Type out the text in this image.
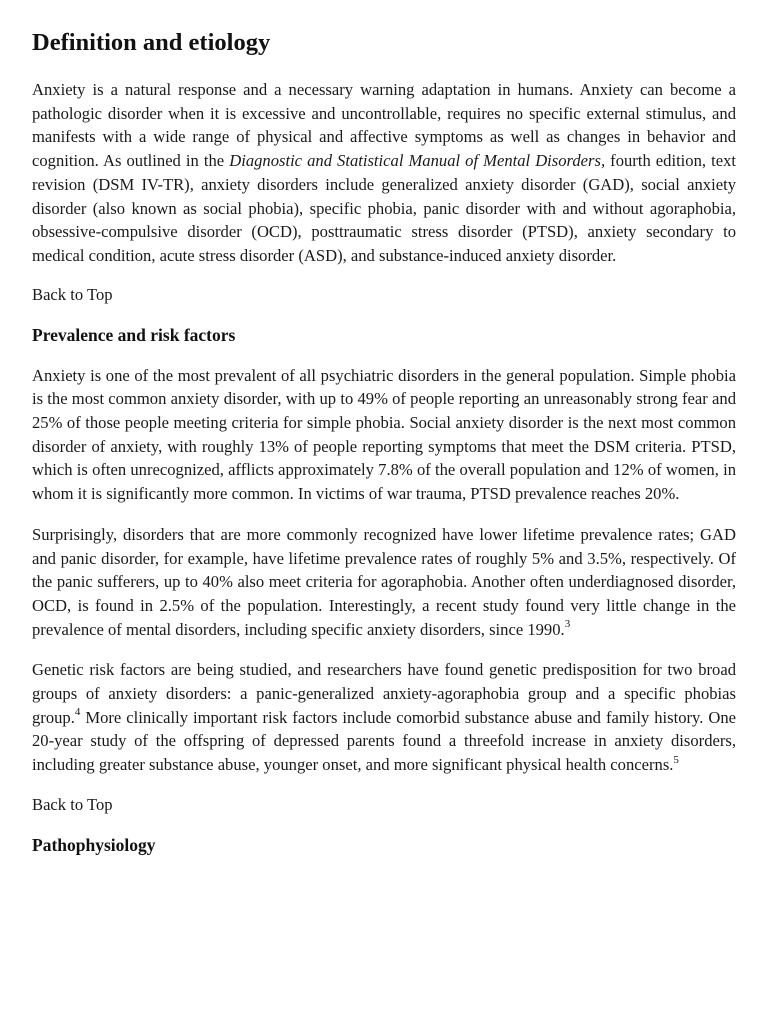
Definition and etiology

Anxiety is a natural response and a necessary warning adaptation in humans. Anxiety can become a pathologic disorder when it is excessive and uncontrollable, requires no specific external stimulus, and manifests with a wide range of physical and affective symptoms as well as changes in behavior and cognition. As outlined in the Diagnostic and Statistical Manual of Mental Disorders, fourth edition, text revision (DSM IV-TR), anxiety disorders include generalized anxiety disorder (GAD), social anxiety disorder (also known as social phobia), specific phobia, panic disorder with and without agoraphobia, obsessive-compulsive disorder (OCD), posttraumatic stress disorder (PTSD), anxiety secondary to medical condition, acute stress disorder (ASD), and substance-induced anxiety disorder.

Back to Top
Prevalence and risk factors

Anxiety is one of the most prevalent of all psychiatric disorders in the general population. Simple phobia is the most common anxiety disorder, with up to 49% of people reporting an unreasonably strong fear and 25% of those people meeting criteria for simple phobia. Social anxiety disorder is the next most common disorder of anxiety, with roughly 13% of people reporting symptoms that meet the DSM criteria. PTSD, which is often unrecognized, afflicts approximately 7.8% of the overall population and 12% of women, in whom it is significantly more common. In victims of war trauma, PTSD prevalence reaches 20%.

Surprisingly, disorders that are more commonly recognized have lower lifetime prevalence rates; GAD and panic disorder, for example, have lifetime prevalence rates of roughly 5% and 3.5%, respectively. Of the panic sufferers, up to 40% also meet criteria for agoraphobia. Another often underdiagnosed disorder, OCD, is found in 2.5% of the population. Interestingly, a recent study found very little change in the prevalence of mental disorders, including specific anxiety disorders, since 1990.$^3$

Genetic risk factors are being studied, and researchers have found genetic predisposition for two broad groups of anxiety disorders: a panic-generalized anxiety-agoraphobia group and a specific phobias group.$^4$ More clinically important risk factors include comorbid substance abuse and family history. One 20-year study of the offspring of depressed parents found a threefold increase in anxiety disorders, including greater substance abuse, younger onset, and more significant physical health concerns.$^5$

Back to Top
Pathophysiology
